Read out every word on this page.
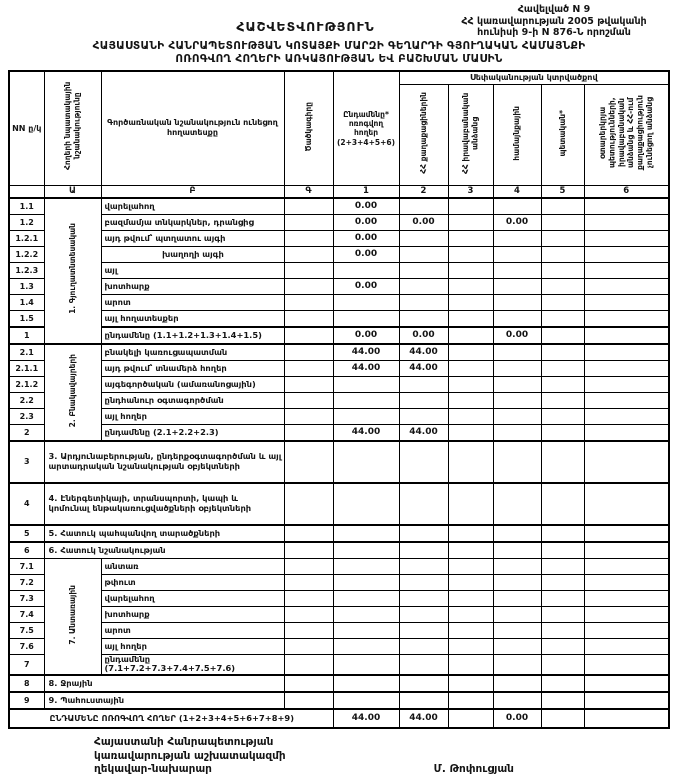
ՀԱՇՎԵՏՎՈՒԹՅՈՒՆ
Հավելված N 9
ՀՀ կառավարության 2005 թվականի
հունիսի 9-ի N 876-Ն որոշման
ՀԱՅԱՍՏԱՆԻ ՀԱՆՐԱՊԵՏՈՒԹՅԱՆ ԿՈՏԱՅՔԻ ՄԱՐԶԻ ԳԵՂԱՐԴԻ ԳՅՈՒՂԱԿԱՆ ՀԱՄԱՅՆՔԻ
ՈՌՈԳՎՈՂ ՀՈՂԵՐԻ ԱՌԿԱՅՈՒԹՅԱՆ ԵՎ ԲԱՇԽՄԱՆ ՄԱՍԻՆ
NN ը/կ	Հողերի նպատակային նշանակությունը	Գործառնական նշանակություն ունեցող հողատեսքը	Ծածկագիրը	Ընդամենը* ոռոգվող հողեր (2+3+4+5+6)	Սեփականության կտրվածքով				
					ՀՀ քաղաքացիներին	ՀՀ իրավաբանական անձանց	համայնքային	պետական*	օտարերկրյա պետությունների, իրավաբանական անձանց և ՀՀ-ում քաղաքացիություն չունեցող անձանց
	Ա	Բ	Գ	1	2	3	4	5	6
1.1	1. Գյուղատնտեսական	վարելահող		0.00					
1.2		բազմամյա տնկարկներ, դրանցից		0.00	0.00		0.00		
1.2.1		այդ թվում՝ պտղատու այգի		0.00					
1.2.2		խաղողի այգի		0.00					
1.2.3		այլ							
1.3		խոտհարք		0.00					
1.4		արոտ							
1.5		այլ հողատեսքեր							
1		ընդամենը (1.1+1.2+1.3+1.4+1.5)		0.00	0.00		0.00		
2.1	2. Բնակավայրերի	բնակելի կառուցապատման		44.00	44.00				
2.1.1		այդ թվում՝ տնամերձ հողեր		44.00	44.00				
2.1.2		այգեգործական (ամառանոցային)							
2.2		ընդհանուր օգտագործման							
2.3		այլ հողեր							
2		ընդամենը (2.1+2.2+2.3)		44.00	44.00				
3	3. Արդյունաբերության, ընդերքօգտագործման և այլ արտադրական նշանակության օբյեկտների								
4	4. Էներգետիկայի, տրանսպորտի, կապի և կոմունալ ենթակառուցվածքների օբյեկտների								
5	5. Հատուկ պահպանվող տարածքների								
6	6. Հատուկ նշանակության								
7.1	7. Անտառային	անտառ							
7.2		թփուտ							
7.3		վարելահող							
7.4		խոտհարք							
7.5		արոտ							
7.6		այլ հողեր							
7		ընդամենը (7.1+7.2+7.3+7.4+7.5+7.6)							
8	8. Ջրային								
9	9. Պահուստային								
ԸՆԴԱՄԵՆԸ ՈՌՈԳՎՈՂ ՀՈՂԵՐ (1+2+3+4+5+6+7+8+9)				44.00	44.00		0.00		
Հայաստանի Հանրապետության
կառավարության աշխատակազմի
ղեկավար-նախարար	Մ. Թոփուցյան
